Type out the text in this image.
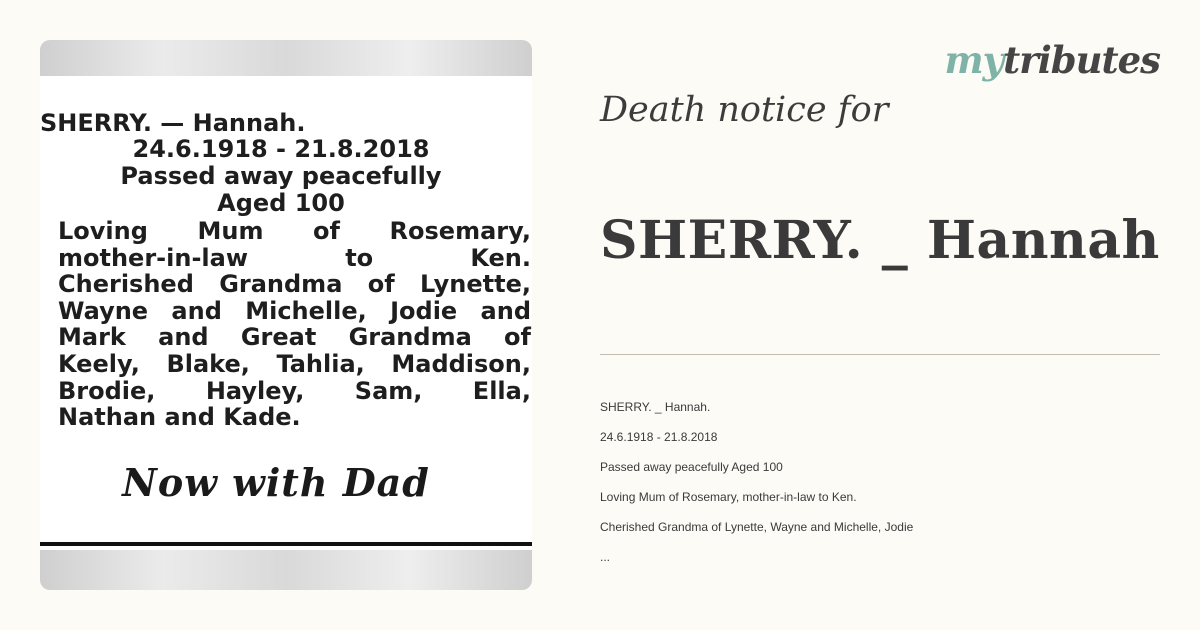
SHERRY. — Hannah.
24.6.1918 - 21.8.2018
Passed away peacefully
Aged 100
Loving Mum of Rosemary,
mother-in-law	to	Ken.
Cherished Grandma of Lynette,
Wayne and Michelle, Jodie and
Mark and Great Grandma of
Keely, Blake, Tahlia, Maddison,
Brodie, Hayley, Sam, Ella,
Nathan and Kade.
Now with Dad
mytributes
Death notice for
SHERRY. _ Hannah
SHERRY. _ Hannah.
24.6.1918 - 21.8.2018
Passed away peacefully Aged 100
Loving Mum of Rosemary, mother-in-law to Ken.
Cherished Grandma of Lynette, Wayne and Michelle, Jodie
...
